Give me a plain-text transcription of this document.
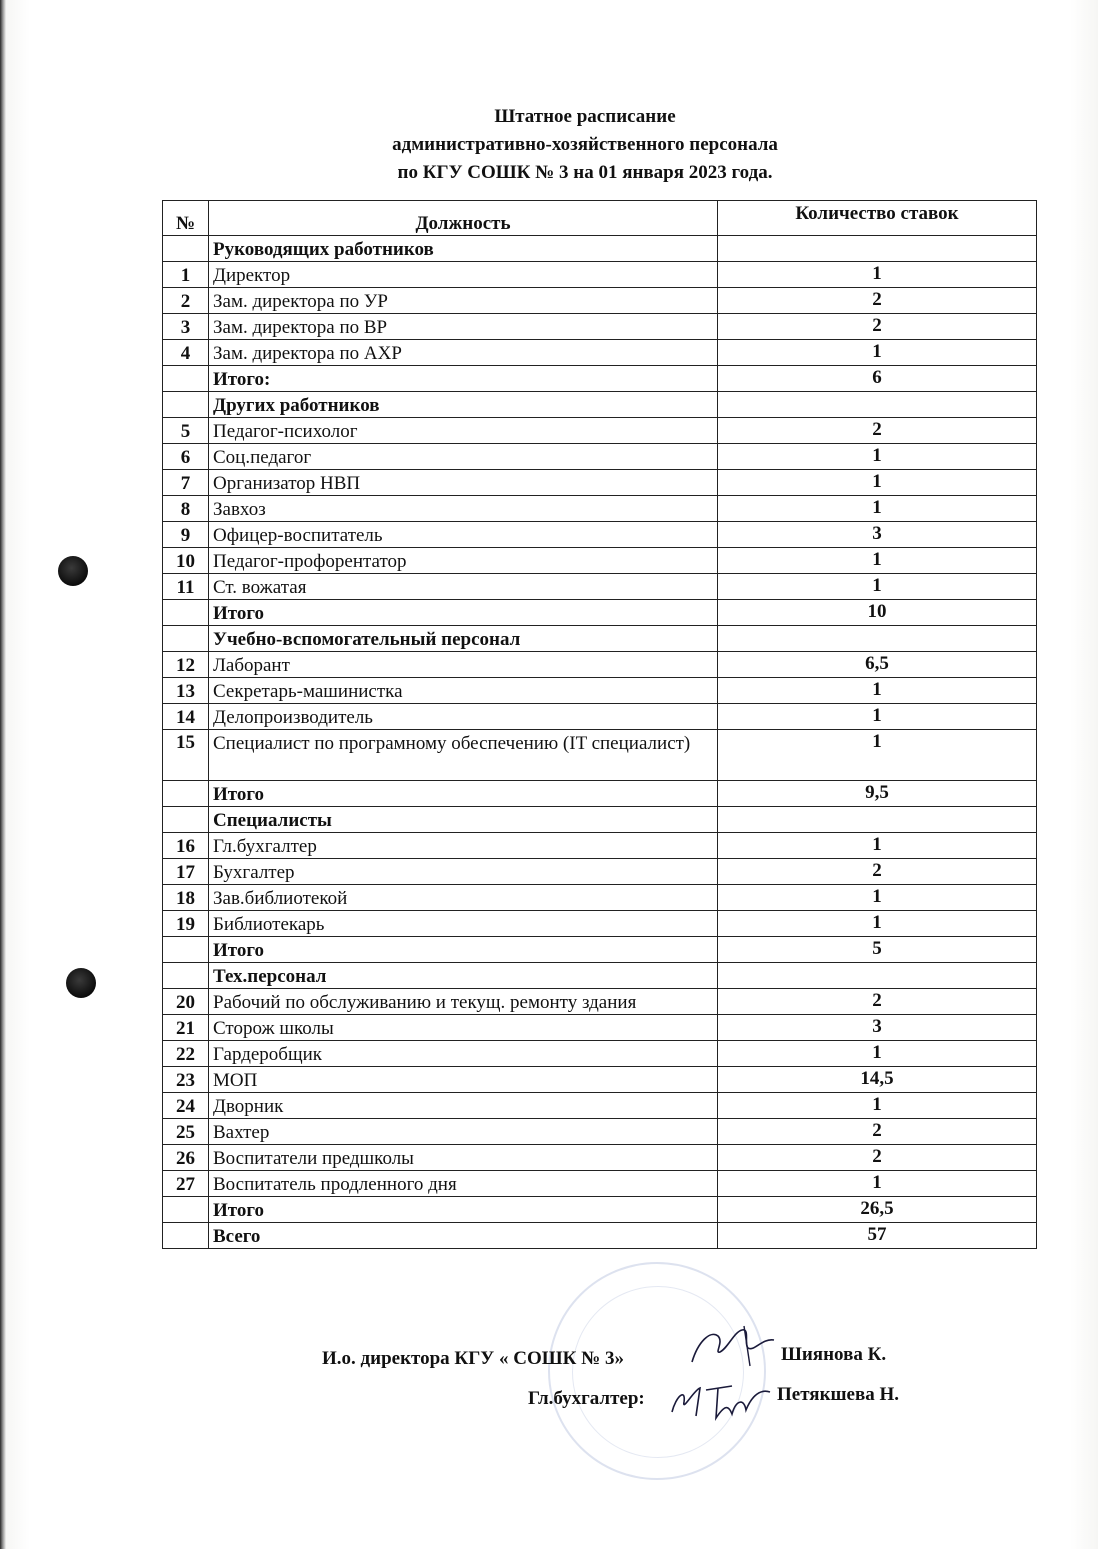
Штатное расписание
административно-хозяйственного персонала
по КГУ СОШК № 3 на 01 января 2023 года.
№	Должность	Количество ставок
	Руководящих работников	
1	Директор	1
2	Зам. директора по УР	2
3	Зам. директора по ВР	2
4	Зам. директора по АХР	1
	Итого:	6
	Других работников	
5	Педагог-психолог	2
6	Соц.педагог	1
7	Организатор НВП	1
8	Завхоз	1
9	Офицер-воспитатель	3
10	Педагог-профорентатор	1
11	Ст. вожатая	1
	Итого	10
	Учебно-вспомогательный персонал	
12	Лаборант	6,5
13	Секретарь-машинистка	1
14	Делопроизводитель	1
15	Специалист по програмному обеспечению (IT специалист)	1
	Итого	9,5
	Специалисты	
16	Гл.бухгалтер	1
17	Бухгалтер	2
18	Зав.библиотекой	1
19	Библиотекарь	1
	Итого	5
	Тех.персонал	
20	Рабочий по обслуживанию и текущ. ремонту здания	2
21	Сторож школы	3
22	Гардеробщик	1
23	МОП	14,5
24	Дворник	1
25	Вахтер	2
26	Воспитатели предшколы	2
27	Воспитатель продленного дня	1
	Итого	26,5
	Всего	57
И.о. директора КГУ « СОШК № 3»	Шиянова К.
Гл.бухгалтер:	Петякшева Н.
